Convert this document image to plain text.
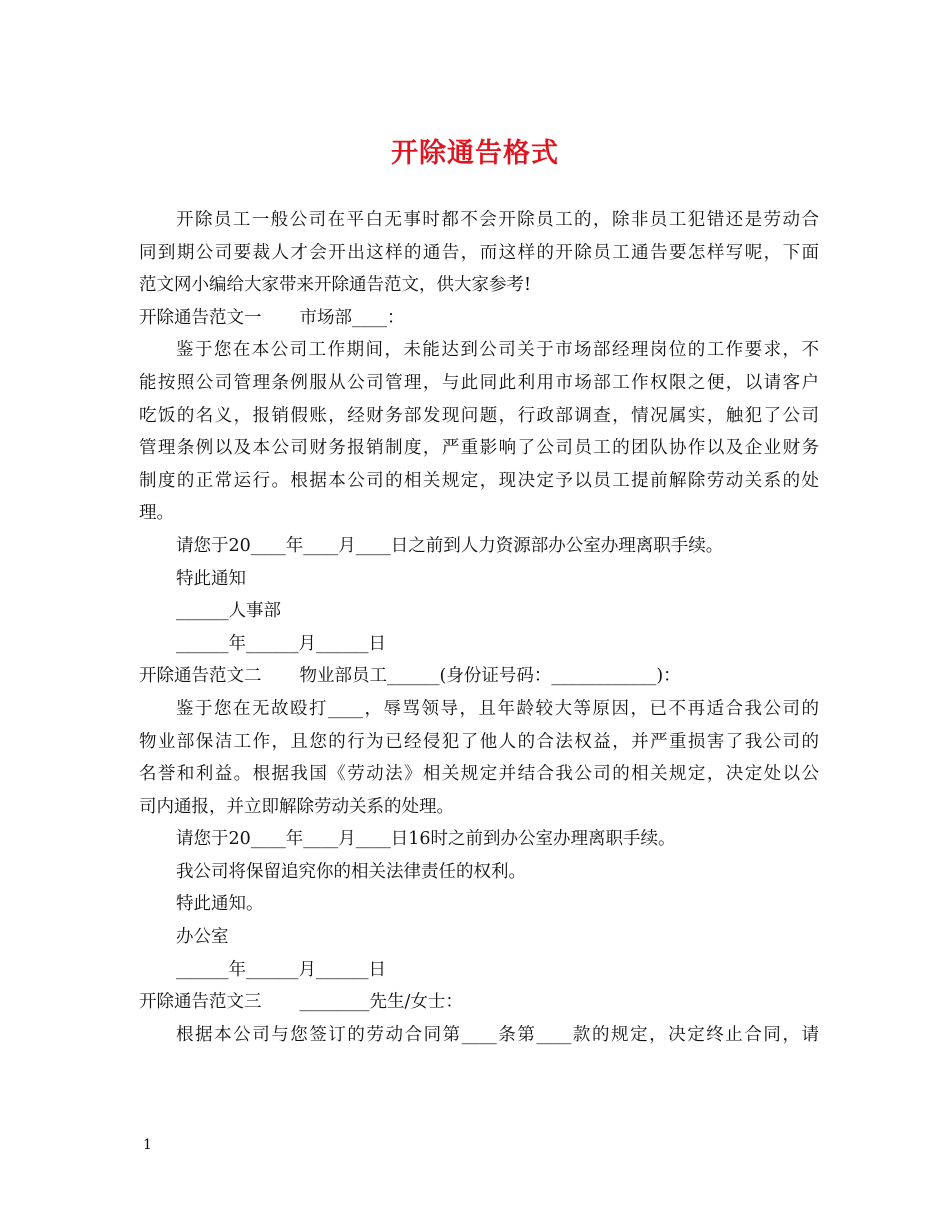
开除通告格式

开除员工一般公司在平白无事时都不会开除员工的，除非员工犯错还是劳动合

同到期公司要裁人才会开出这样的通告，而这样的开除员工通告要怎样写呢，下面

范文网小编给大家带来开除通告范文，供大家参考!

开除通告范文一 市场部____：

鉴于您在本公司工作期间，未能达到公司关于市场部经理岗位的工作要求，不

能按照公司管理条例服从公司管理，与此同此利用市场部工作权限之便，以请客户

吃饭的名义，报销假账，经财务部发现问题，行政部调查，情况属实，触犯了公司

管理条例以及本公司财务报销制度，严重影响了公司员工的团队协作以及企业财务

制度的正常运行。根据本公司的相关规定，现决定予以员工提前解除劳动关系的处

理。

请您于20____年____月____日之前到人力资源部办公室办理离职手续。

特此通知

______人事部

______年______月______日

开除通告范文二 物业部员工______(身份证号码：____________)：

鉴于您在无故殴打____，辱骂领导，且年龄较大等原因，已不再适合我公司的

物业部保洁工作，且您的行为已经侵犯了他人的合法权益，并严重损害了我公司的

名誉和利益。根据我国《劳动法》相关规定并结合我公司的相关规定，决定处以公

司内通报，并立即解除劳动关系的处理。

请您于20____年____月____日16时之前到办公室办理离职手续。

我公司将保留追究你的相关法律责任的权利。

特此通知。

办公室

______年______月______日

开除通告范文三 ________先生/女士：

根据本公司与您签订的劳动合同第____条第____款的规定，决定终止合同，请

1
